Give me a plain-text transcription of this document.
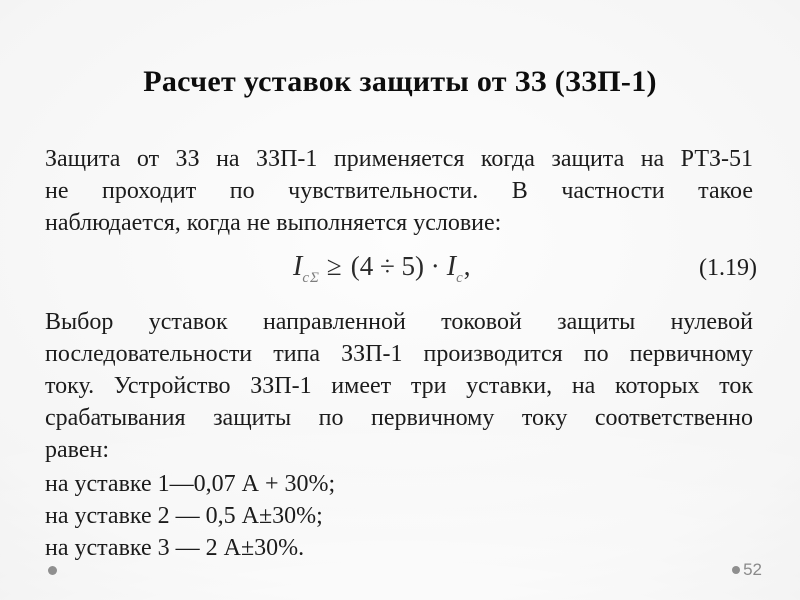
Расчет уставок защиты от ЗЗ (ЗЗП-1)
Защита от ЗЗ на ЗЗП-1 применяется когда защита на РТЗ-51
не проходит по чувствительности. В частности такое
наблюдается, когда не выполняется условие:
$I_{с\Sigma} \ge (4 \div 5) \cdot I_с$,	(1.19)
Выбор уставок направленной токовой защиты нулевой
последовательности типа ЗЗП-1 производится по первичному
току. Устройство ЗЗП-1 имеет три уставки, на которых ток
срабатывания защиты по первичному току соответственно
равен:
на уставке 1—0,07 А + 30%;
на уставке 2 — 0,5 А±30%;
на уставке 3 — 2 А±30%.
52
